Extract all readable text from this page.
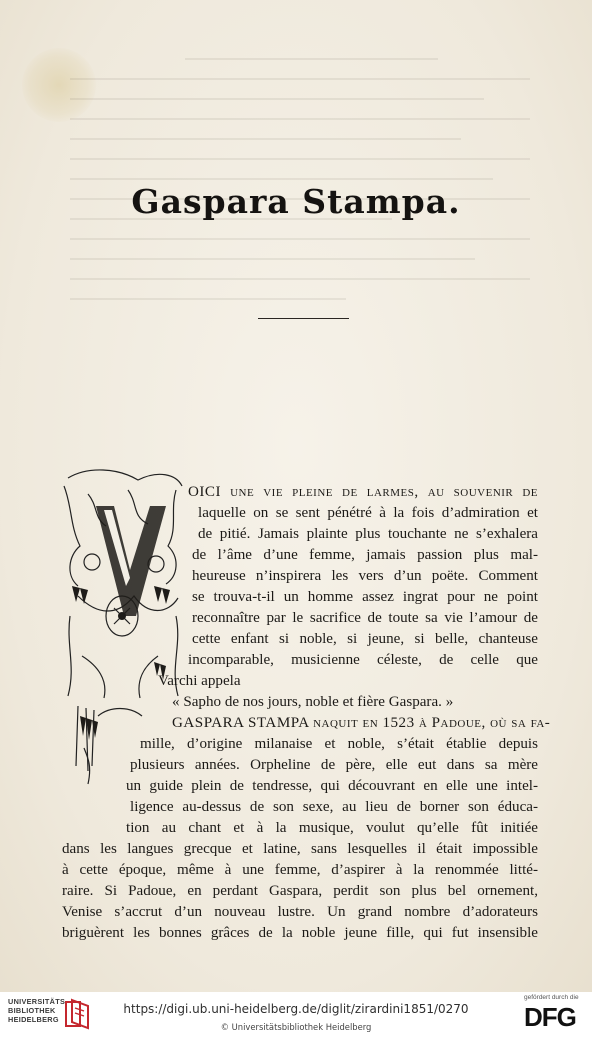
Gaspara Stampa.
OICI une vie pleine de larmes, au souvenir de
laquelle on se sent pénétré à la fois d’admiration et
de pitié. Jamais plainte plus touchante ne s’exhalera
de l’âme d’une femme, jamais passion plus mal-
heureuse n’inspirera les vers d’un poëte. Comment
se trouva-t-il un homme assez ingrat pour ne point
reconnaître par le sacrifice de toute sa vie l’amour de
cette enfant si noble, si jeune, si belle, chanteuse
incomparable, musicienne céleste, de celle que
Varchi appela
« Sapho de nos jours, noble et fière Gaspara. »
GASPARA STAMPA naquit en 1523 à Padoue, où sa fa-
mille, d’origine milanaise et noble, s’était établie depuis
plusieurs années. Orpheline de père, elle eut dans sa mère
un guide plein de tendresse, qui découvrant en elle une intel-
ligence au-dessus de son sexe, au lieu de borner son éduca-
tion au chant et à la musique, voulut qu’elle fût initiée
dans les langues grecque et latine, sans lesquelles il était impossible
à cette époque, même à une femme, d’aspirer à la renommée litté-
raire. Si Padoue, en perdant Gaspara, perdit son plus bel ornement,
Venise s’accrut d’un nouveau lustre. Un grand nombre d’adorateurs
briguèrent les bonnes grâces de la noble jeune fille, qui fut insensible
UNIVERSITÄTS-
BIBLIOTHEK
HEIDELBERG
https://digi.ub.uni-heidelberg.de/diglit/zirardini1851/0270
© Universitätsbibliothek Heidelberg
gefördert durch die
DFG
